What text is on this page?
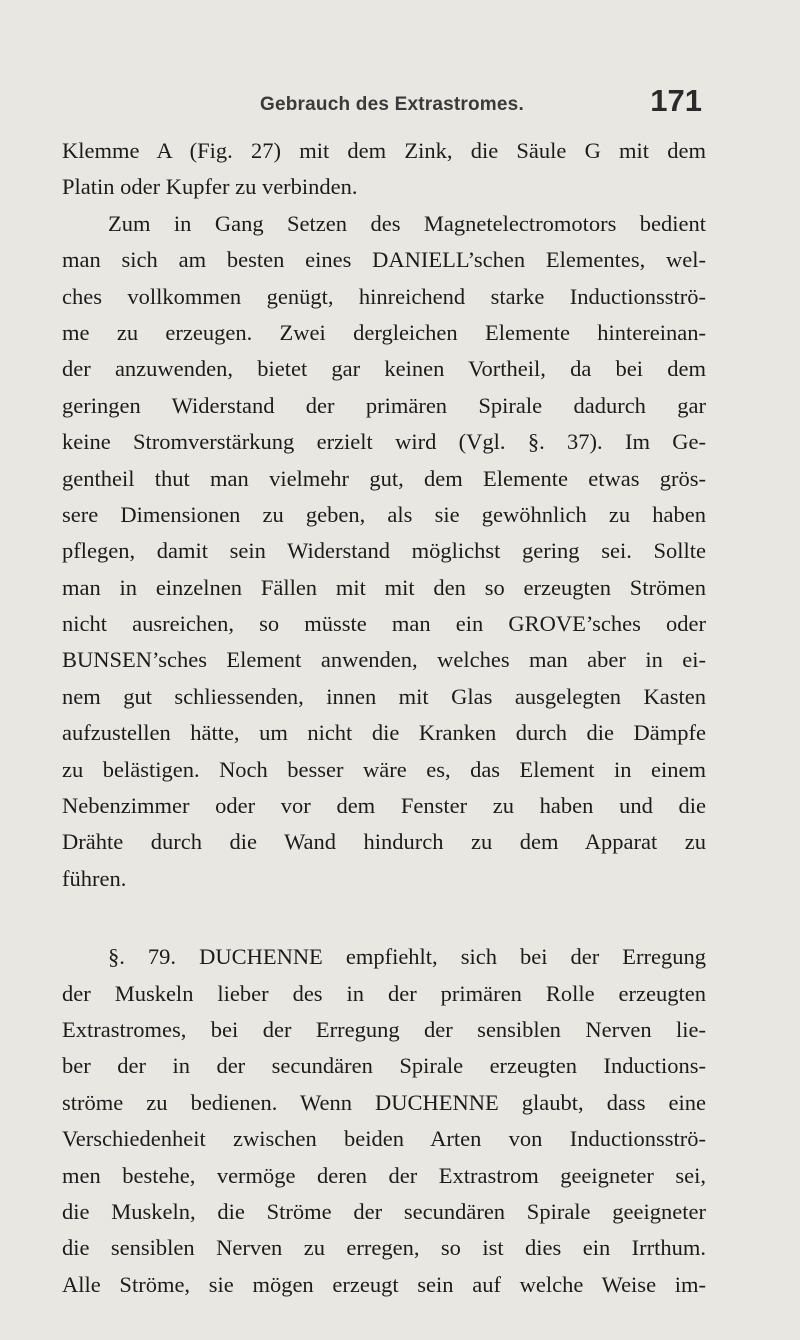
Gebrauch des Extrastromes.	171
Klemme A (Fig. 27) mit dem Zink, die Säule G mit dem
Platin oder Kupfer zu verbinden.
Zum in Gang Setzen des Magnetelectromotors bedient
man sich am besten eines DANIELL’schen Elementes, wel-
ches vollkommen genügt, hinreichend starke Inductionsströ-
me zu erzeugen. Zwei dergleichen Elemente hintereinan-
der anzuwenden, bietet gar keinen Vortheil, da bei dem
geringen Widerstand der primären Spirale dadurch gar
keine Stromverstärkung erzielt wird (Vgl. §. 37). Im Ge-
gentheil thut man vielmehr gut, dem Elemente etwas grös-
sere Dimensionen zu geben, als sie gewöhnlich zu haben
pflegen, damit sein Widerstand möglichst gering sei. Sollte
man in einzelnen Fällen mit mit den so erzeugten Strömen
nicht ausreichen, so müsste man ein GROVE’sches oder
BUNSEN’sches Element anwenden, welches man aber in ei-
nem gut schliessenden, innen mit Glas ausgelegten Kasten
aufzustellen hätte, um nicht die Kranken durch die Dämpfe
zu belästigen. Noch besser wäre es, das Element in einem
Nebenzimmer oder vor dem Fenster zu haben und die
Drähte durch die Wand hindurch zu dem Apparat zu
führen.
§. 79. DUCHENNE empfiehlt, sich bei der Erregung
der Muskeln lieber des in der primären Rolle erzeugten
Extrastromes, bei der Erregung der sensiblen Nerven lie-
ber der in der secundären Spirale erzeugten Inductions-
ströme zu bedienen. Wenn DUCHENNE glaubt, dass eine
Verschiedenheit zwischen beiden Arten von Inductionsströ-
men bestehe, vermöge deren der Extrastrom geeigneter sei,
die Muskeln, die Ströme der secundären Spirale geeigneter
die sensiblen Nerven zu erregen, so ist dies ein Irrthum.
Alle Ströme, sie mögen erzeugt sein auf welche Weise im-
